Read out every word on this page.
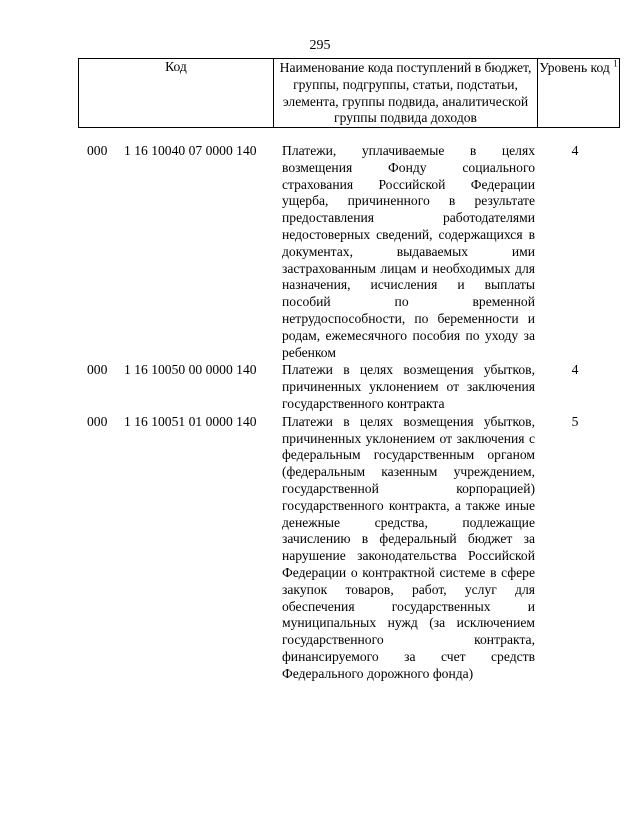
295
Код	Наименование кода поступлений в бюджет, группы, подгруппы, статьи, подстатьи, элемента, группы подвида, аналитической группы подвида доходов
Уровень код $^1$
000 1 16 10040 07 0000 140 Платежи, уплачиваемые в целях возмещения Фонду социального страхования Российской Федерации ущерба, причиненного в результате предоставления работодателями недостоверных сведений, содержащихся в документах, выдаваемых ими застрахованным лицам и необходимых для назначения, исчисления и выплаты пособий по временной нетрудоспособности, по беременности и родам, ежемесячного пособия по уходу за ребенком
4
000 1 16 10050 00 0000 140 Платежи в целях возмещения убытков, причиненных уклонением от заключения государственного контракта
4
000 1 16 10051 01 0000 140 Платежи в целях возмещения убытков, причиненных уклонением от заключения с федеральным государственным органом (федеральным казенным учреждением, государственной корпорацией) государственного контракта, а также иные денежные средства, подлежащие зачислению в федеральный бюджет за нарушение законодательства Российской Федерации о контрактной системе в сфере закупок товаров, работ, услуг для обеспечения государственных и муниципальных нужд (за исключением государственного контракта, финансируемого за счет средств Федерального дорожного фонда)
5
